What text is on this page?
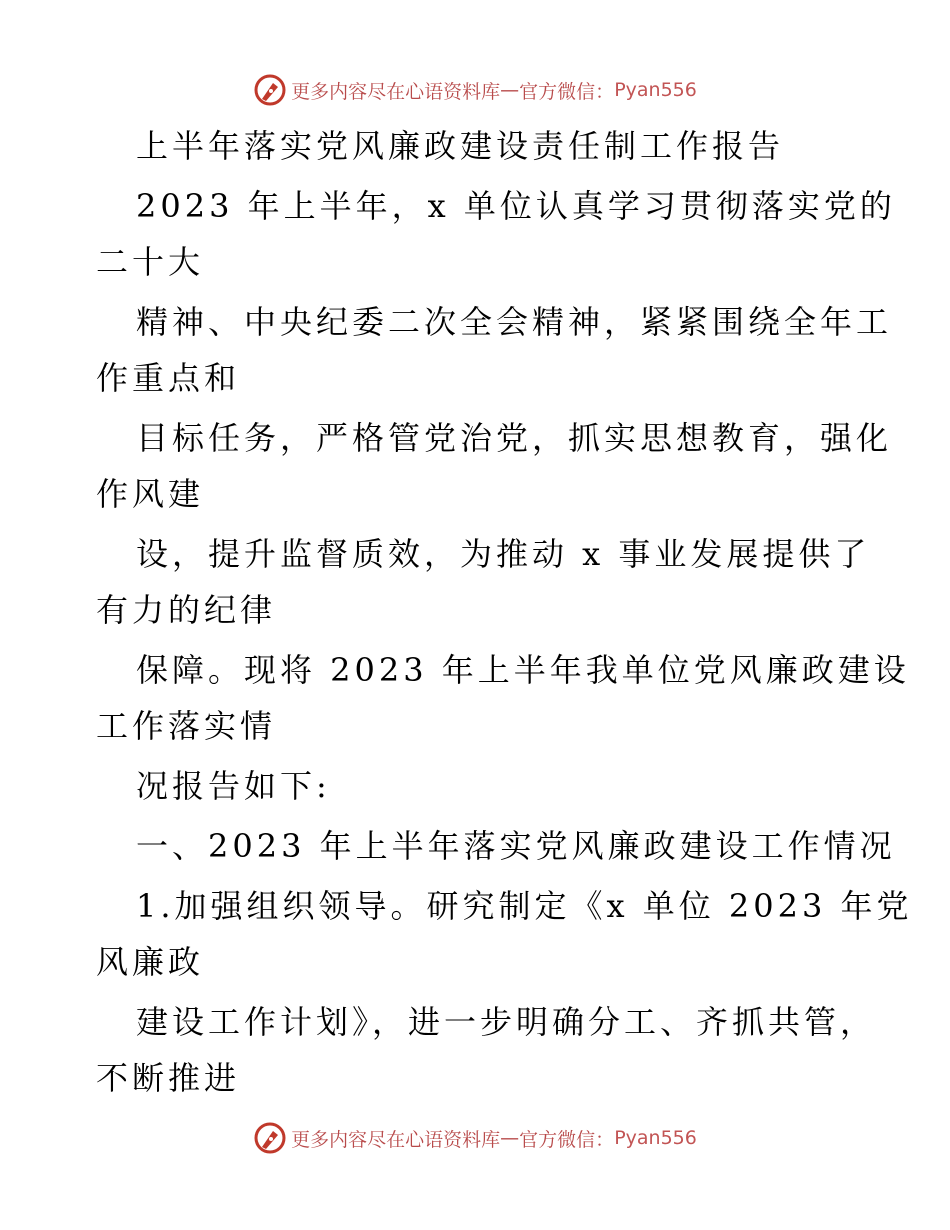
更多内容尽在心语资料库 — 官方微信： Pyan556
上半年落实党风廉政建设责任制工作报告
2023 年上半年，x 单位认真学习贯彻落实党的
二十大
精神、中央纪委二次全会精神，紧紧围绕全年工
作重点和
目标任务，严格管党治党，抓实思想教育，强化
作风建
设，提升监督质效，为推动 x 事业发展提供了
有力的纪律
保障。现将 2023 年上半年我单位党风廉政建设
工作落实情
况报告如下:
一、2023 年上半年落实党风廉政建设工作情况
1.加强组织领导。研究制定《x 单位 2023 年党
风廉政
建设工作计划》，进一步明确分工、齐抓共管，
不断推进
更多内容尽在心语资料库 — 官方微信： Pyan556
